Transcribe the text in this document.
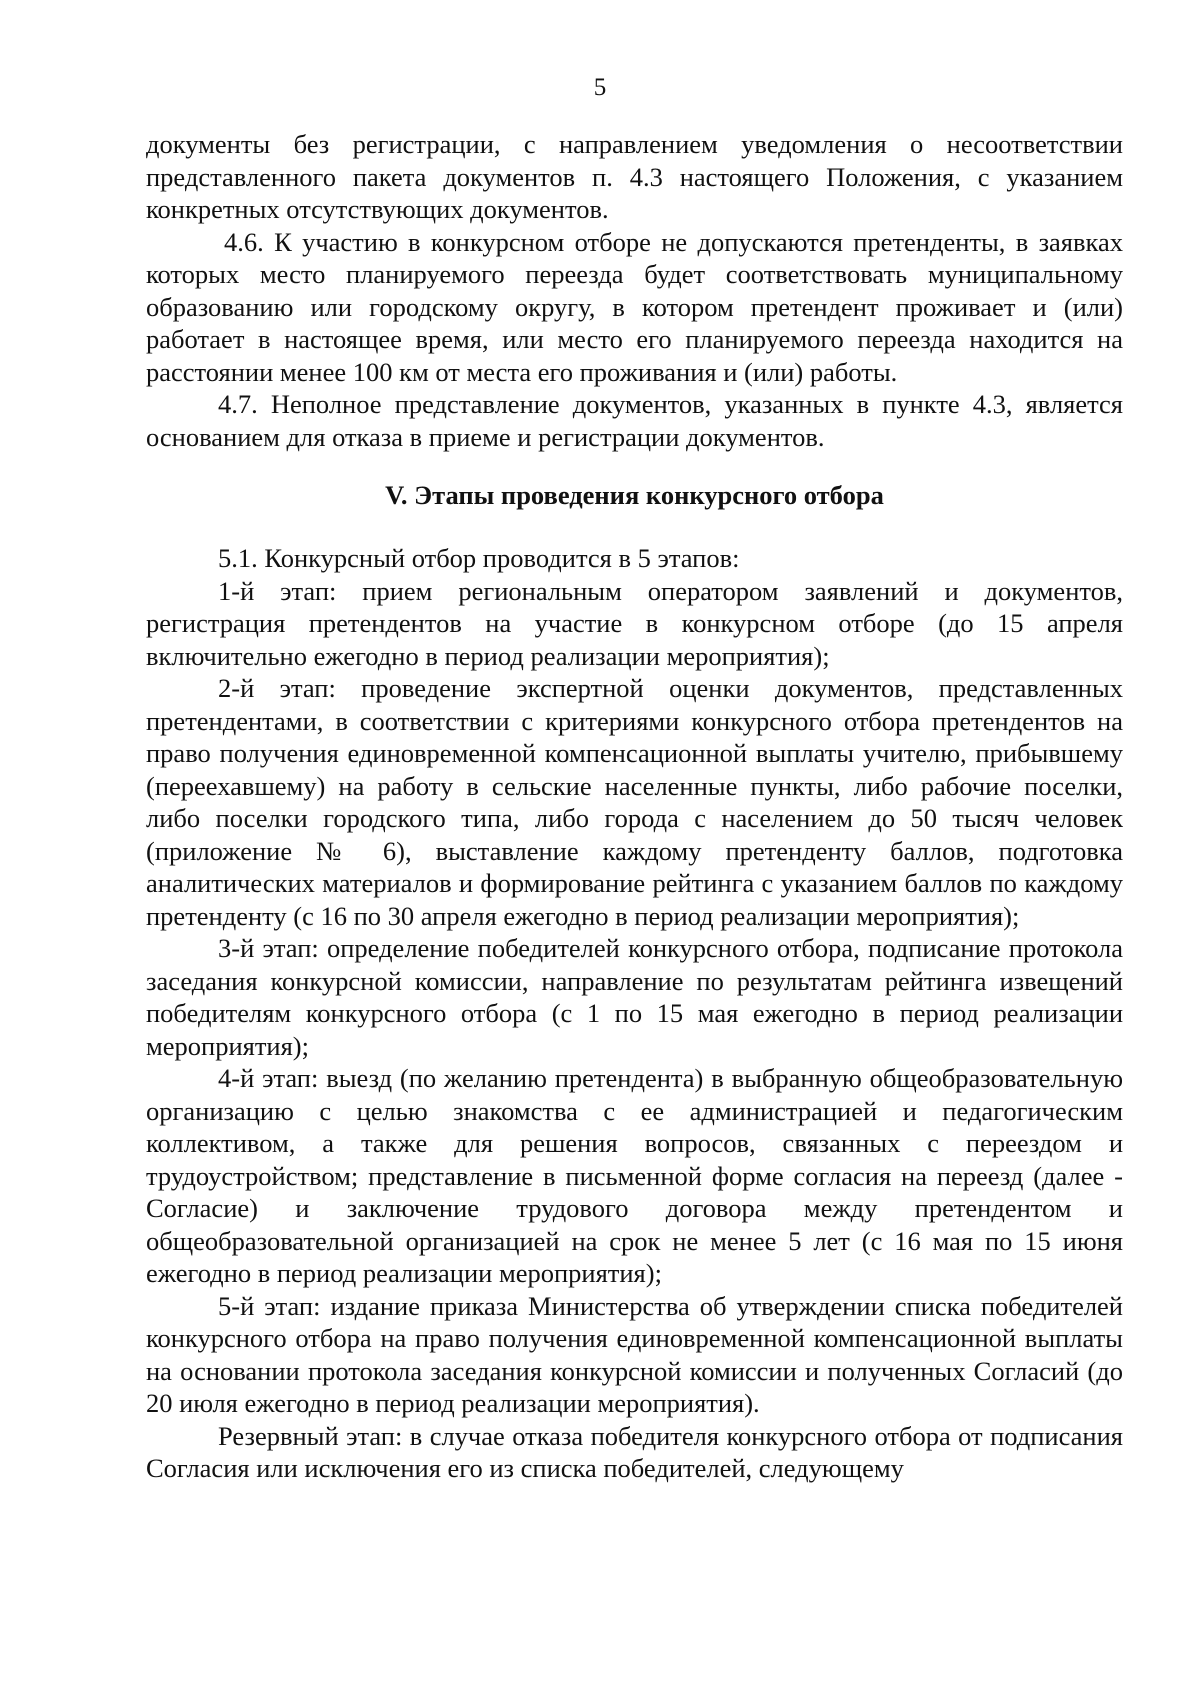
5

документы без регистрации, с направлением уведомления о несоответствии представленного пакета документов п. 4.3 настоящего Положения, с указанием конкретных отсутствующих документов.

4.6. К участию в конкурсном отборе не допускаются претенденты, в заявках которых место планируемого переезда будет соответствовать муниципальному образованию или городскому округу, в котором претендент проживает и (или) работает в настоящее время, или место его планируемого переезда находится на расстоянии менее 100 км от места его проживания и (или) работы.

4.7. Неполное представление документов, указанных в пункте 4.3, является основанием для отказа в приеме и регистрации документов.

V. Этапы проведения конкурсного отбора

5.1. Конкурсный отбор проводится в 5 этапов:

1-й этап: прием региональным оператором заявлений и документов, регистрация претендентов на участие в конкурсном отборе (до 15 апреля включительно ежегодно в период реализации мероприятия);

2-й этап: проведение экспертной оценки документов, представленных претендентами, в соответствии с критериями конкурсного отбора претендентов на право получения единовременной компенсационной выплаты учителю, прибывшему (переехавшему) на работу в сельские населенные пункты, либо рабочие поселки, либо поселки городского типа, либо города с населением до 50 тысяч человек (приложение № 6), выставление каждому претенденту баллов, подготовка аналитических материалов и формирование рейтинга с указанием баллов по каждому претенденту (с 16 по 30 апреля ежегодно в период реализации мероприятия);

3-й этап: определение победителей конкурсного отбора, подписание протокола заседания конкурсной комиссии, направление по результатам рейтинга извещений победителям конкурсного отбора (с 1 по 15 мая ежегодно в период реализации мероприятия);

4-й этап: выезд (по желанию претендента) в выбранную общеобразовательную организацию с целью знакомства с ее администрацией и педагогическим коллективом, а также для решения вопросов, связанных с переездом и трудоустройством; представление в письменной форме согласия на переезд (далее - Согласие) и заключение трудового договора между претендентом и общеобразовательной организацией на срок не менее 5 лет (с 16 мая по 15 июня ежегодно в период реализации мероприятия);

5-й этап: издание приказа Министерства об утверждении списка победителей конкурсного отбора на право получения единовременной компенсационной выплаты на основании протокола заседания конкурсной комиссии и полученных Согласий (до 20 июля ежегодно в период реализации мероприятия).

Резервный этап: в случае отказа победителя конкурсного отбора от подписания Согласия или исключения его из списка победителей, следующему
